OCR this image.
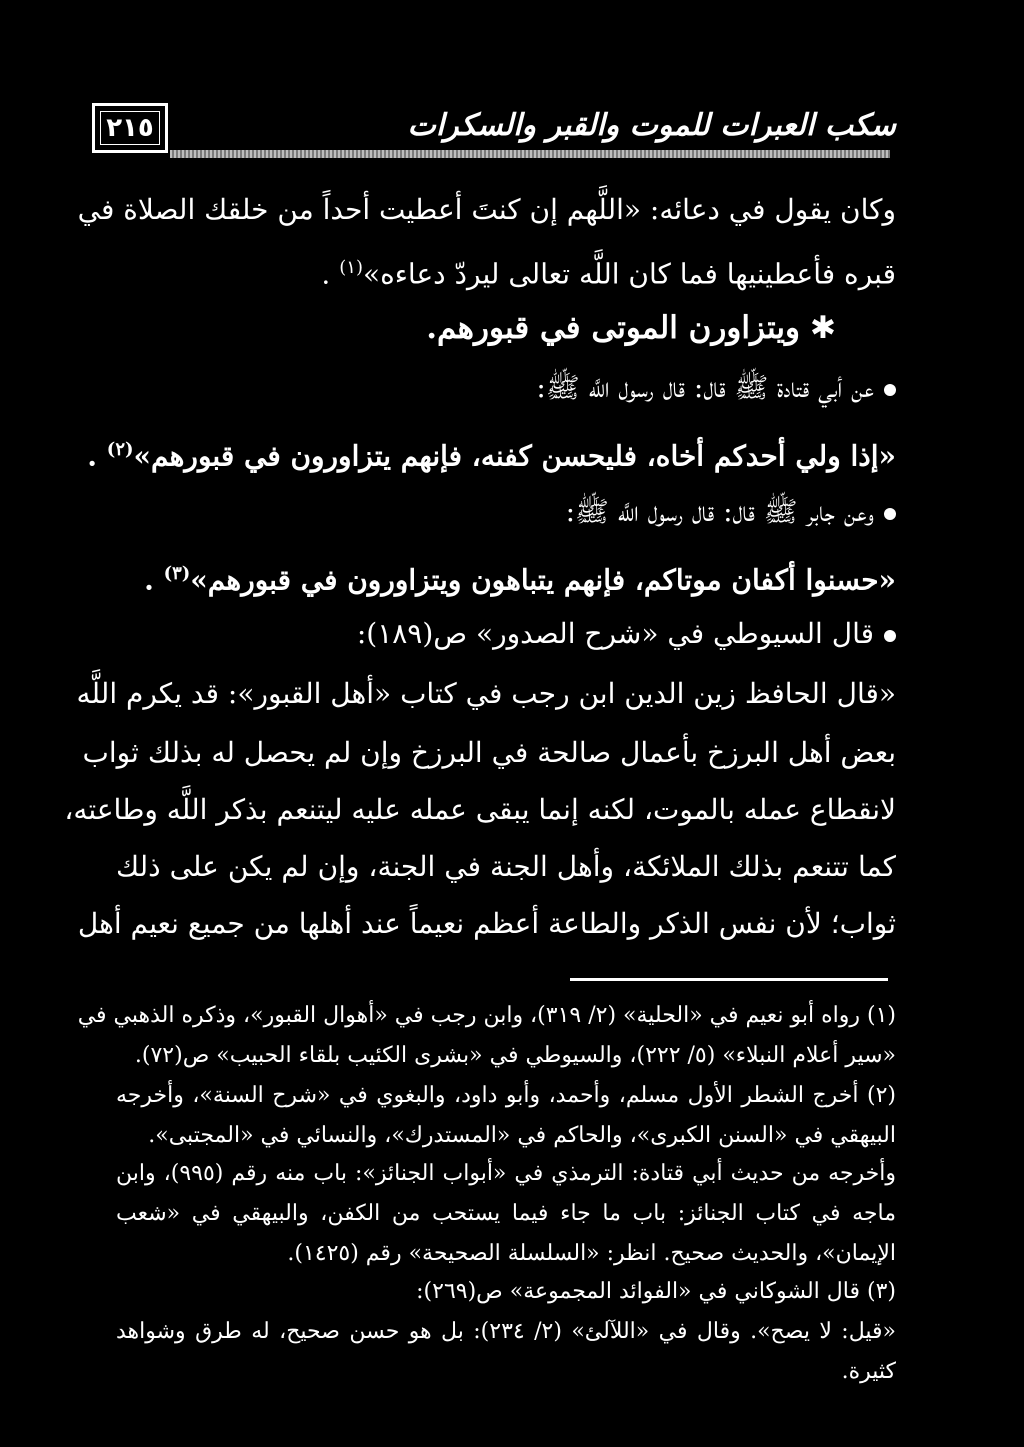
٢١٥	سكب العبرات للموت والقبر والسكرات
وكان يقول في دعائه: «اللَّهم إن كنتَ أعطيت أحداً من خلقك الصلاة في
قبره فأعطينيها فما كان اللَّه تعالى ليردّ دعاءه»$^{(١)}$ .
✱ويتزاورن الموتى في قبورهم.
عن أبي قتادة ﷺ قال: قال رسول اللَّه ﷺ:
«إذا ولي أحدكم أخاه، فليحسن كفنه، فإنهم يتزاورون في قبورهم»$^{(٢)}$ .
وعن جابر ﷺ قال: قال رسول اللَّه ﷺ:
«حسنوا أكفان موتاكم، فإنهم يتباهون ويتزاورون في قبورهم»$^{(٣)}$ .
قال السيوطي في «شرح الصدور» ص(١٨٩):
«قال الحافظ زين الدين ابن رجب في كتاب «أهل القبور»: قد يكرم اللَّه
بعض أهل البرزخ بأعمال صالحة في البرزخ وإن لم يحصل له بذلك ثواب
لانقطاع عمله بالموت، لكنه إنما يبقى عمله عليه ليتنعم بذكر اللَّه وطاعته،
كما تتنعم بذلك الملائكة، وأهل الجنة في الجنة، وإن لم يكن على ذلك
ثواب؛ لأن نفس الذكر والطاعة أعظم نعيماً عند أهلها من جميع نعيم أهل
(١) رواه أبو نعيم في «الحلية» (٢/ ٣١٩)، وابن رجب في «أهوال القبور»، وذكره الذهبي في
«سير أعلام النبلاء» (٥/ ٢٢٢)، والسيوطي في «بشرى الكئيب بلقاء الحبيب» ص(٧٢).
(٢) أخرج الشطر الأول مسلم، وأحمد، وأبو داود، والبغوي في «شرح السنة»، وأخرجه
البيهقي في «السنن الكبرى»، والحاكم في «المستدرك»، والنسائي في «المجتبى».
وأخرجه من حديث أبي قتادة: الترمذي في «أبواب الجنائز»: باب منه رقم (٩٩٥)، وابن
ماجه في كتاب الجنائز: باب ما جاء فيما يستحب من الكفن، والبيهقي في «شعب
الإيمان»، والحديث صحيح. انظر: «السلسلة الصحيحة» رقم (١٤٢٥).
(٣) قال الشوكاني في «الفوائد المجموعة» ص(٢٦٩):
«قيل: لا يصح». وقال في «اللآلئ» (٢/ ٢٣٤): بل هو حسن صحيح، له طرق وشواهد
كثيرة.
